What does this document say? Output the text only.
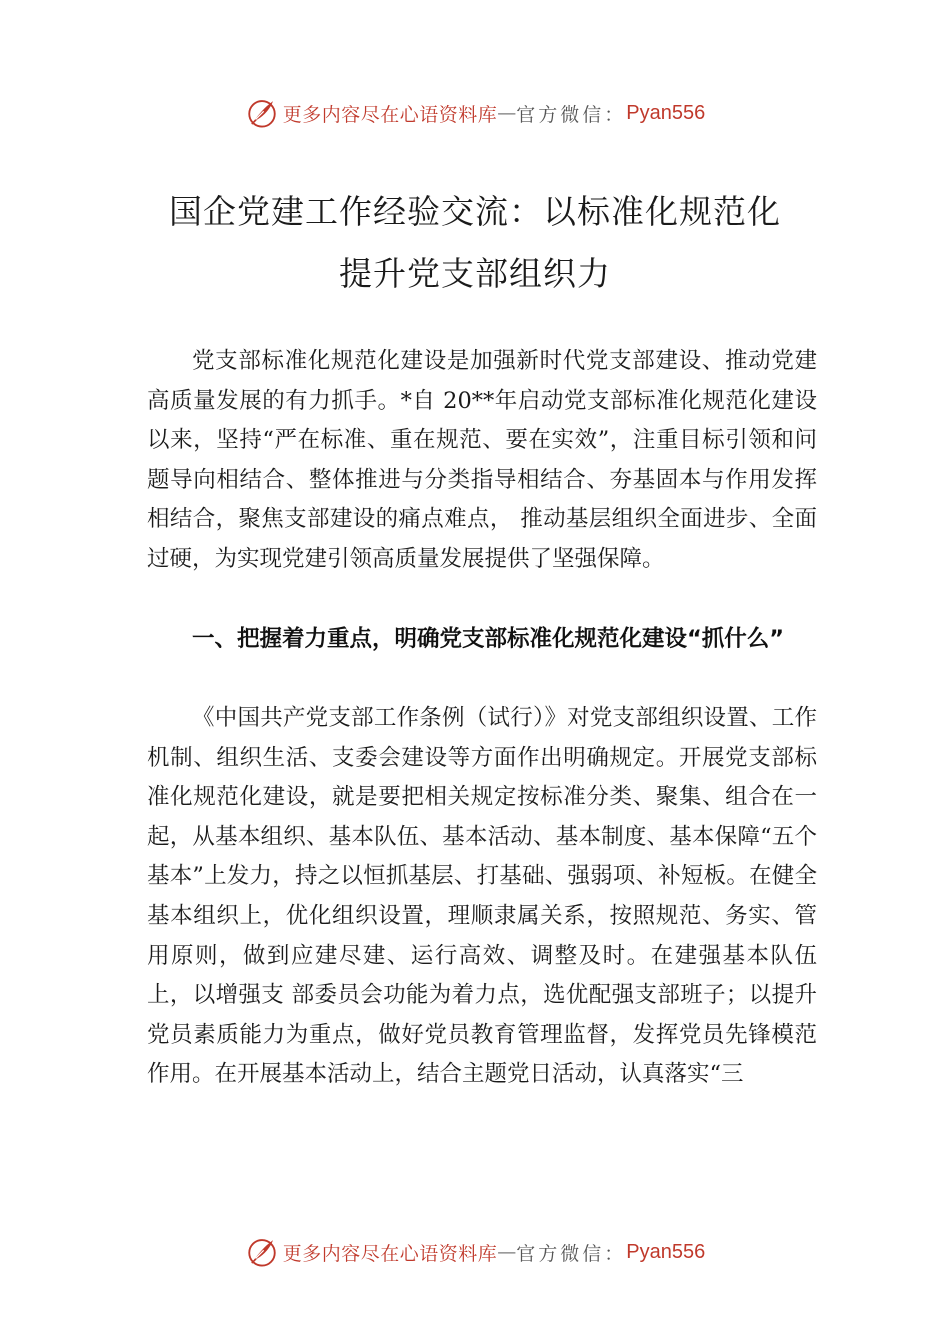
更多内容尽在心语资料库 — 官方微信： Pyan556
国企党建工作经验交流：以标准化规范化
提升党支部组织力

党支部标准化规范化建设是加强新时代党支部建设、推动党建高质量发展的有力抓手。*自 20**年启动党支部标准化规范化建设以来，坚持“严在标准、重在规范、要在实效”，注重目标引领和问题导向相结合、整体推进与分类指导相结合、夯基固本与作用发挥相结合，聚焦支部建设的痛点难点， 推动基层组织全面进步、全面过硬，为实现党建引领高质量发展提供了坚强保障。

一、把握着力重点，明确党支部标准化规范化建设“抓什么”

《中国共产党支部工作条例（试行）》对党支部组织设置、工作机制、组织生活、支委会建设等方面作出明确规定。开展党支部标准化规范化建设，就是要把相关规定按标准分类、聚集、组合在一起，从基本组织、基本队伍、基本活动、基本制度、基本保障“五个基本”上发力，持之以恒抓基层、打基础、强弱项、补短板。在健全基本组织上，优化组织设置，理顺隶属关系，按照规范、务实、管用原则，做到应建尽建、运行高效、调整及时。在建强基本队伍上，以增强支 部委员会功能为着力点，选优配强支部班子；以提升党员素质能力为重点，做好党员教育管理监督，发挥党员先锋模范作用。在开展基本活动上，结合主题党日活动，认真落实“三

更多内容尽在心语资料库 — 官方微信： Pyan556
